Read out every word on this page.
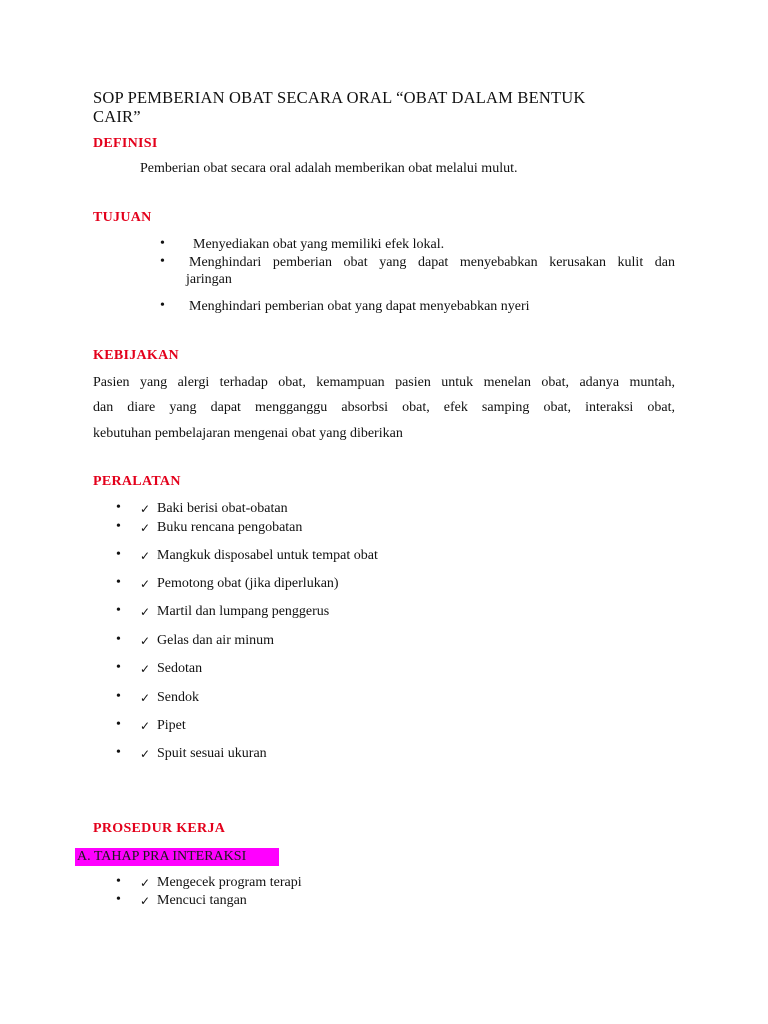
SOP PEMBERIAN OBAT SECARA ORAL “OBAT DALAM BENTUK
CAIR”
DEFINISI
Pemberian obat secara oral adalah memberikan obat melalui mulut.
TUJUAN
• Menyediakan obat yang memiliki efek lokal.
• Menghindari pemberian obat yang dapat menyebabkan kerusakan kulit dan
jaringan
• Menghindari pemberian obat yang dapat menyebabkan nyeri
KEBIJAKAN
Pasien yang alergi terhadap obat, kemampuan pasien untuk menelan obat, adanya muntah,
dan diare yang dapat mengganggu absorbsi obat, efek samping obat, interaksi obat,
kebutuhan pembelajaran mengenai obat yang diberikan
PERALATAN
• ✓ Baki berisi obat-obatan
• ✓ Buku rencana pengobatan
• ✓ Mangkuk disposabel untuk tempat obat
• ✓ Pemotong obat (jika diperlukan)
• ✓ Martil dan lumpang penggerus
• ✓ Gelas dan air minum
• ✓ Sedotan
• ✓ Sendok
• ✓ Pipet
• ✓ Spuit sesuai ukuran
PROSEDUR KERJA
A. TAHAP PRA INTERAKSI
• ✓ Mengecek program terapi
• ✓ Mencuci tangan
